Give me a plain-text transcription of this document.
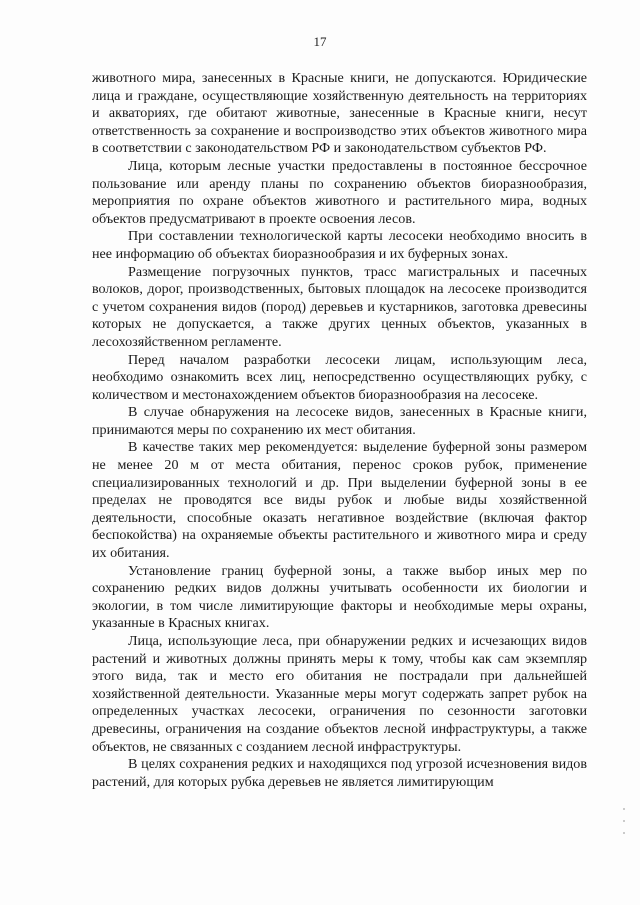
17

животного мира, занесенных в Красные книги, не допускаются. Юридические лица и граждане, осуществляющие хозяйственную деятельность на территориях и акваториях, где обитают животные, занесенные в Красные книги, несут ответственность за сохранение и воспроизводство этих объектов животного мира в соответствии с законодательством РФ и законодательством субъектов РФ.

Лица, которым лесные участки предоставлены в постоянное бессрочное пользование или аренду планы по сохранению объектов биоразнообразия, мероприятия по охране объектов животного и растительного мира, водных объектов предусматривают в проекте освоения лесов.

При составлении технологической карты лесосеки необходимо вносить в нее информацию об объектах биоразнообразия и их буферных зонах.

Размещение погрузочных пунктов, трасс магистральных и пасечных волоков, дорог, производственных, бытовых площадок на лесосеке производится с учетом сохранения видов (пород) деревьев и кустарников, заготовка древесины которых не допускается, а также других ценных объектов, указанных в лесохозяйственном регламенте.

Перед началом разработки лесосеки лицам, использующим леса, необходимо ознакомить всех лиц, непосредственно осуществляющих рубку, с количеством и местонахождением объектов биоразнообразия на лесосеке.

В случае обнаружения на лесосеке видов, занесенных в Красные книги, принимаются меры по сохранению их мест обитания.

В качестве таких мер рекомендуется: выделение буферной зоны размером не менее 20 м от места обитания, перенос сроков рубок, применение специализированных технологий и др. При выделении буферной зоны в ее пределах не проводятся все виды рубок и любые виды хозяйственной деятельности, способные оказать негативное воздействие (включая фактор беспокойства) на охраняемые объекты растительного и животного мира и среду их обитания.

Установление границ буферной зоны, а также выбор иных мер по сохранению редких видов должны учитывать особенности их биологии и экологии, в том числе лимитирующие факторы и необходимые меры охраны, указанные в Красных книгах.

Лица, использующие леса, при обнаружении редких и исчезающих видов растений и животных должны принять меры к тому, чтобы как сам экземпляр этого вида, так и место его обитания не пострадали при дальнейшей хозяйственной деятельности. Указанные меры могут содержать запрет рубок на определенных участках лесосеки, ограничения по сезонности заготовки древесины, ограничения на создание объектов лесной инфраструктуры, а также объектов, не связанных с созданием лесной инфраструктуры.

В целях сохранения редких и находящихся под угрозой исчезновения видов растений, для которых рубка деревьев не является лимитирующим
